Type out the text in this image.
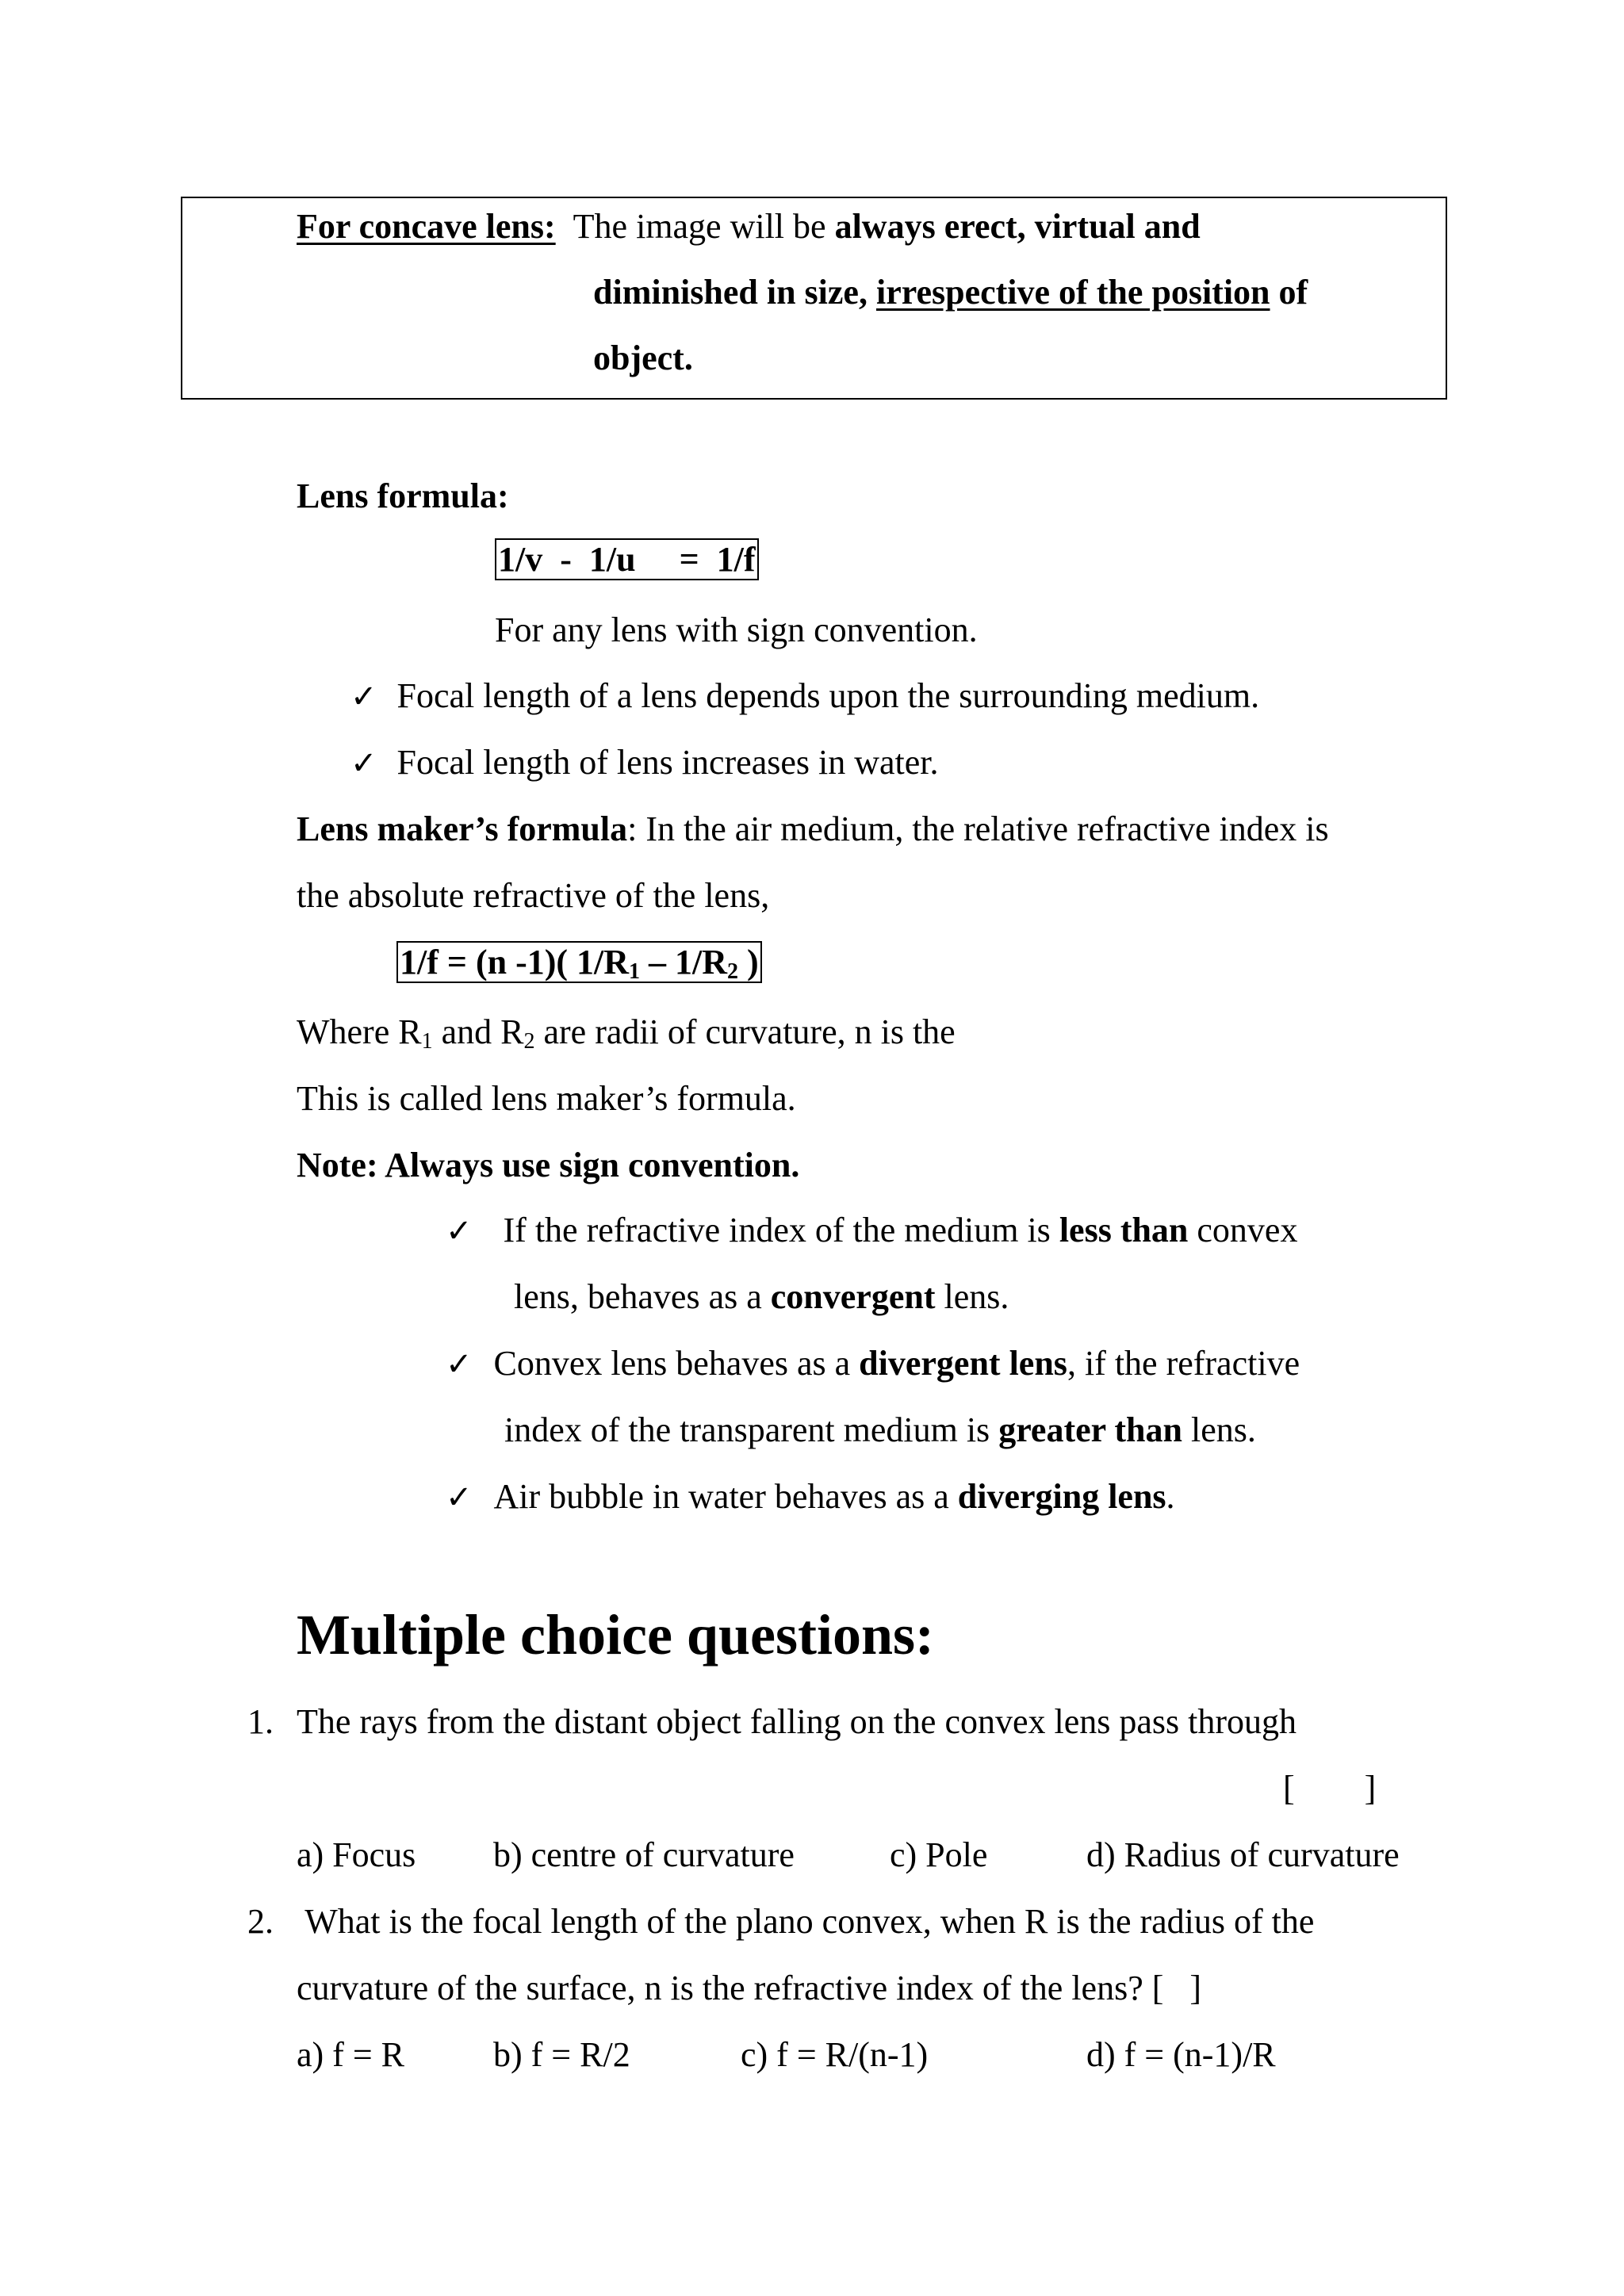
For concave lens: The image will be always erect, virtual and
diminished in size, irrespective of the position of
object.
Lens formula:
1/v  -  1/u     =  1/f
For any lens with sign convention.
✓ Focal length of a lens depends upon the surrounding medium.
✓ Focal length of lens increases in water.
Lens maker’s formula: In the air medium, the relative refractive index is
the absolute refractive of the lens,
1/f = (n -1)( $1/R_1 - 1/R_2$ )
Where $R_1$ and $R_2$ are radii of curvature, n is the
This is called lens maker’s formula.
Note: Always use sign convention.
✓ If the refractive index of the medium is less than convex
lens, behaves as a convergent lens.
✓ Convex lens behaves as a divergent lens, if the refractive
index of the transparent medium is greater than lens.
✓ Air bubble in water behaves as a diverging lens.
Multiple choice questions:
1. The rays from the distant object falling on the convex lens pass through
[        ]
a) Focus b) centre of curvature	c) Pole	d) Radius of curvature
2. What is the focal length of the plano convex, when R is the radius of the
curvature of the surface, n is the refractive index of the lens? [   ]
a) f = R	b) f = R/2	c) f = R/(n-1)	d) f = (n-1)/R
